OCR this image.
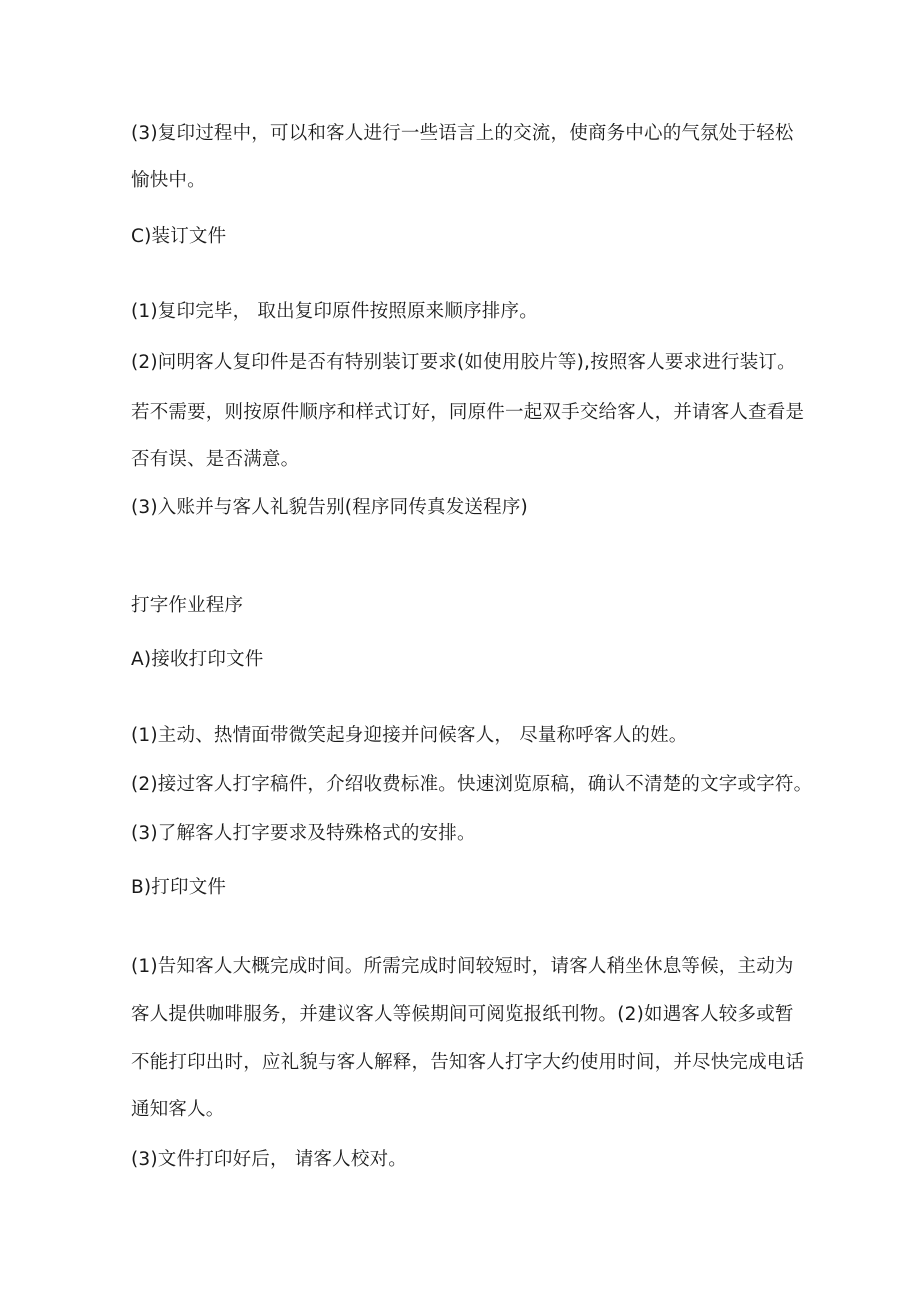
(3)复印过程中，可以和客人进行一些语言上的交流，使商务中心的气氛处于轻松
愉快中。
C)装订文件
(1)复印完毕， 取出复印原件按照原来顺序排序。
(2)问明客人复印件是否有特别装订要求(如使用胶片等),按照客人要求进行装订。
若不需要，则按原件顺序和样式订好，同原件一起双手交给客人，并请客人查看是
否有误、是否满意。
(3)入账并与客人礼貌告别(程序同传真发送程序)
打字作业程序
A)接收打印文件
(1)主动、热情面带微笑起身迎接并问候客人， 尽量称呼客人的姓。
(2)接过客人打字稿件，介绍收费标准。快速浏览原稿，确认不清楚的文字或字符。
(3)了解客人打字要求及特殊格式的安排。
B)打印文件
(1)告知客人大概完成时间。所需完成时间较短时，请客人稍坐休息等候，主动为
客人提供咖啡服务，并建议客人等候期间可阅览报纸刊物。(2)如遇客人较多或暂
不能打印出时，应礼貌与客人解释，告知客人打字大约使用时间，并尽快完成电话
通知客人。
(3)文件打印好后， 请客人校对。
